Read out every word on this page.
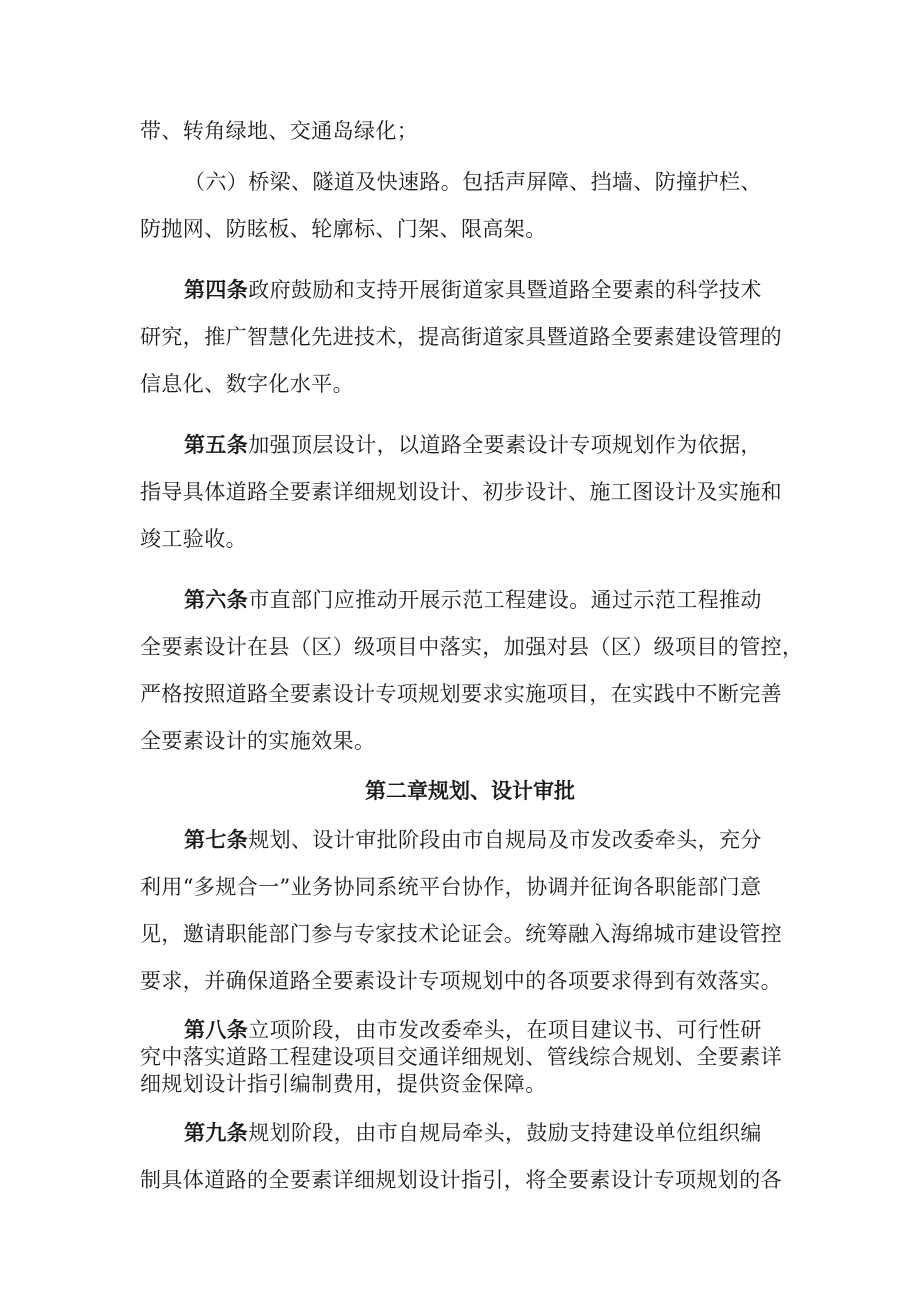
带、转角绿地、交通岛绿化；

（六）桥梁、隧道及快速路。包括声屏障、挡墙、防撞护栏、
防抛网、防眩板、轮廓标、门架、限高架。

第四条政府鼓励和支持开展街道家具暨道路全要素的科学技术
研究，推广智慧化先进技术，提高街道家具暨道路全要素建设管理的
信息化、数字化水平。

第五条加强顶层设计，以道路全要素设计专项规划作为依据，
指导具体道路全要素详细规划设计、初步设计、施工图设计及实施和
竣工验收。

第六条市直部门应推动开展示范工程建设。通过示范工程推动
全要素设计在县（区）级项目中落实，加强对县（区）级项目的管控，
严格按照道路全要素设计专项规划要求实施项目，在实践中不断完善
全要素设计的实施效果。

第二章规划、设计审批

第七条规划、设计审批阶段由市自规局及市发改委牵头，充分
利用“多规合一”业务协同系统平台协作，协调并征询各职能部门意
见，邀请职能部门参与专家技术论证会。统筹融入海绵城市建设管控
要求，并确保道路全要素设计专项规划中的各项要求得到有效落实。

第八条立项阶段，由市发改委牵头，在项目建议书、可行性研
究中落实道路工程建设项目交通详细规划、管线综合规划、全要素详
细规划设计指引编制费用，提供资金保障。

第九条规划阶段，由市自规局牵头，鼓励支持建设单位组织编
制具体道路的全要素详细规划设计指引，将全要素设计专项规划的各
